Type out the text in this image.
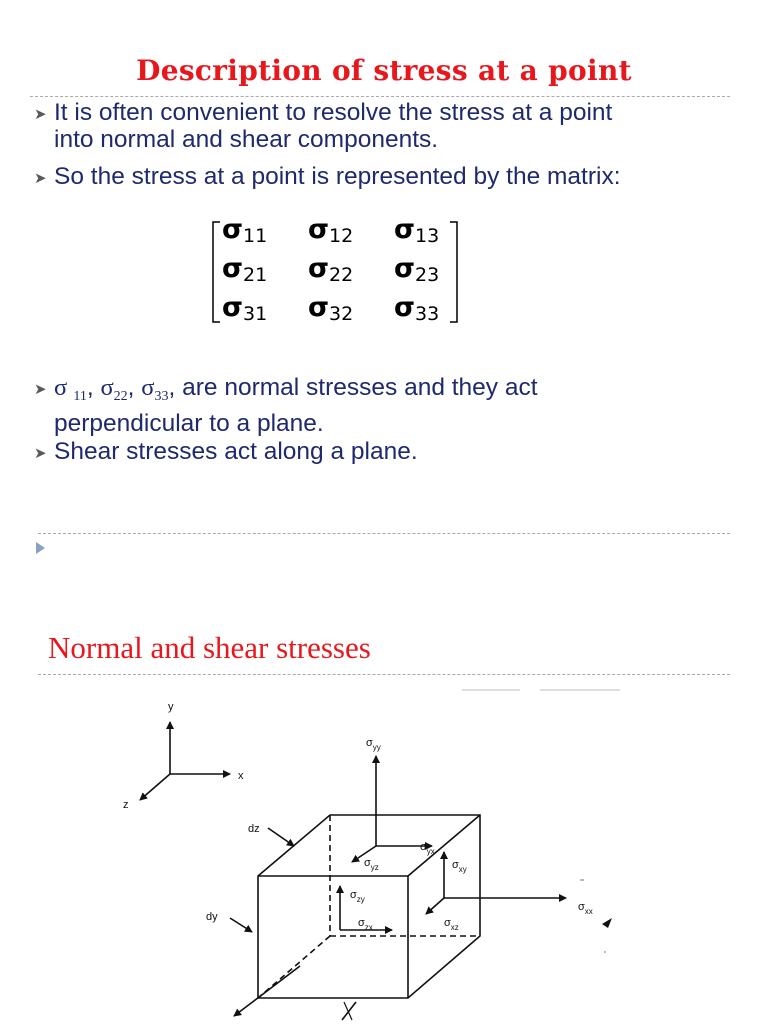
Description of stress at a point
➤ It is often convenient to resolve the stress at a point
into normal and shear components.
➤ So the stress at a point is represented by the matrix:
$\sigma_{11}$ $\sigma_{12}$ $\sigma_{13}$
$\sigma_{21}$ $\sigma_{22}$ $\sigma_{23}$
$\sigma_{31}$ $\sigma_{32}$ $\sigma_{33}$
➤ σ $_{11}$, $\sigma_{22}$, $\sigma_{33}$, are normal stresses and they act
perpendicular to a plane.
➤ Shear stresses act along a plane.
Normal and shear stresses
y
x
z
dz
dy
$\sigma_{yy}$
$\sigma_{yx}$
$\sigma_{yz}$	$\sigma_{xy}$
$\sigma_{zy}$
$\sigma_{zx}$	$\sigma_{xz}$
$\sigma_{xx}$
